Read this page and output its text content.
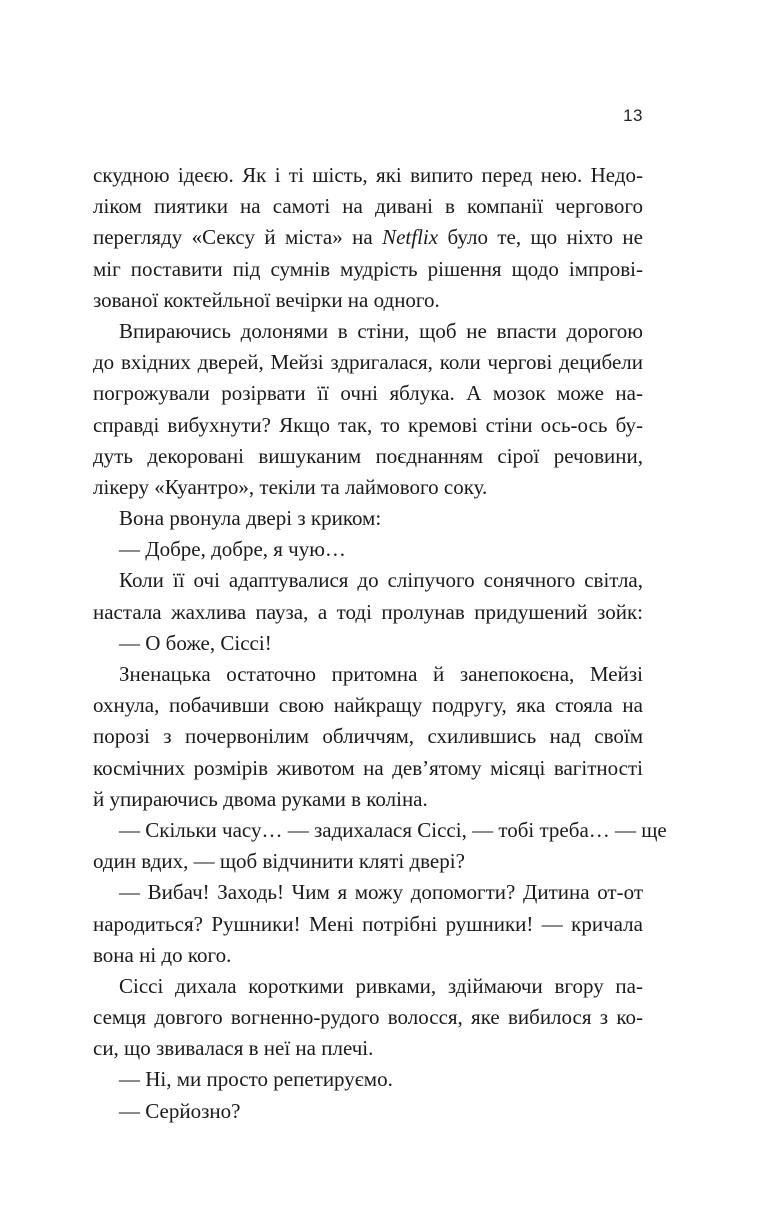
13
скудною ідеєю. Як і ті шість, які випито перед нею. Недо-
ліком пиятики на самоті на дивані в компанії чергового
перегляду «Сексу й міста» на Netflix було те, що ніхто не
міг поставити під сумнів мудрість рішення щодо імпрові-
зованої коктейльної вечірки на одного.
Впираючись долонями в стіни, щоб не впасти дорогою
до вхідних дверей, Мейзі здригалася, коли чергові децибели
погрожували розірвати її очні яблука. А мозок може на-
справді вибухнути? Якщо так, то кремові стіни ось-ось бу-
дуть декоровані вишуканим поєднанням сірої речовини,
лікеру «Куантро», текіли та лаймового соку.
Вона рвонула двері з криком:
— Добре, добре, я чую…
Коли її очі адаптувалися до сліпучого сонячного світла,
настала жахлива пауза, а тоді пролунав придушений зойк:
— О боже, Сіссі!
Зненацька остаточно притомна й занепокоєна, Мейзі
охнула, побачивши свою найкращу подругу, яка стояла на
порозі з почервонілим обличчям, схилившись над своїм
космічних розмірів животом на дев’ятому місяці вагітності
й упираючись двома руками в коліна.
— Скільки часу… — задихалася Сіссі, — тобі треба… — ще
один вдих, — щоб відчинити кляті двері?
— Вибач! Заходь! Чим я можу допомогти? Дитина от-от
народиться? Рушники! Мені потрібні рушники! — кричала
вона ні до кого.
Сіссі дихала короткими ривками, здіймаючи вгору па-
семця довгого вогненно-рудого волосся, яке вибилося з ко-
си, що звивалася в неї на плечі.
— Ні, ми просто репетируємо.
— Серйозно?
